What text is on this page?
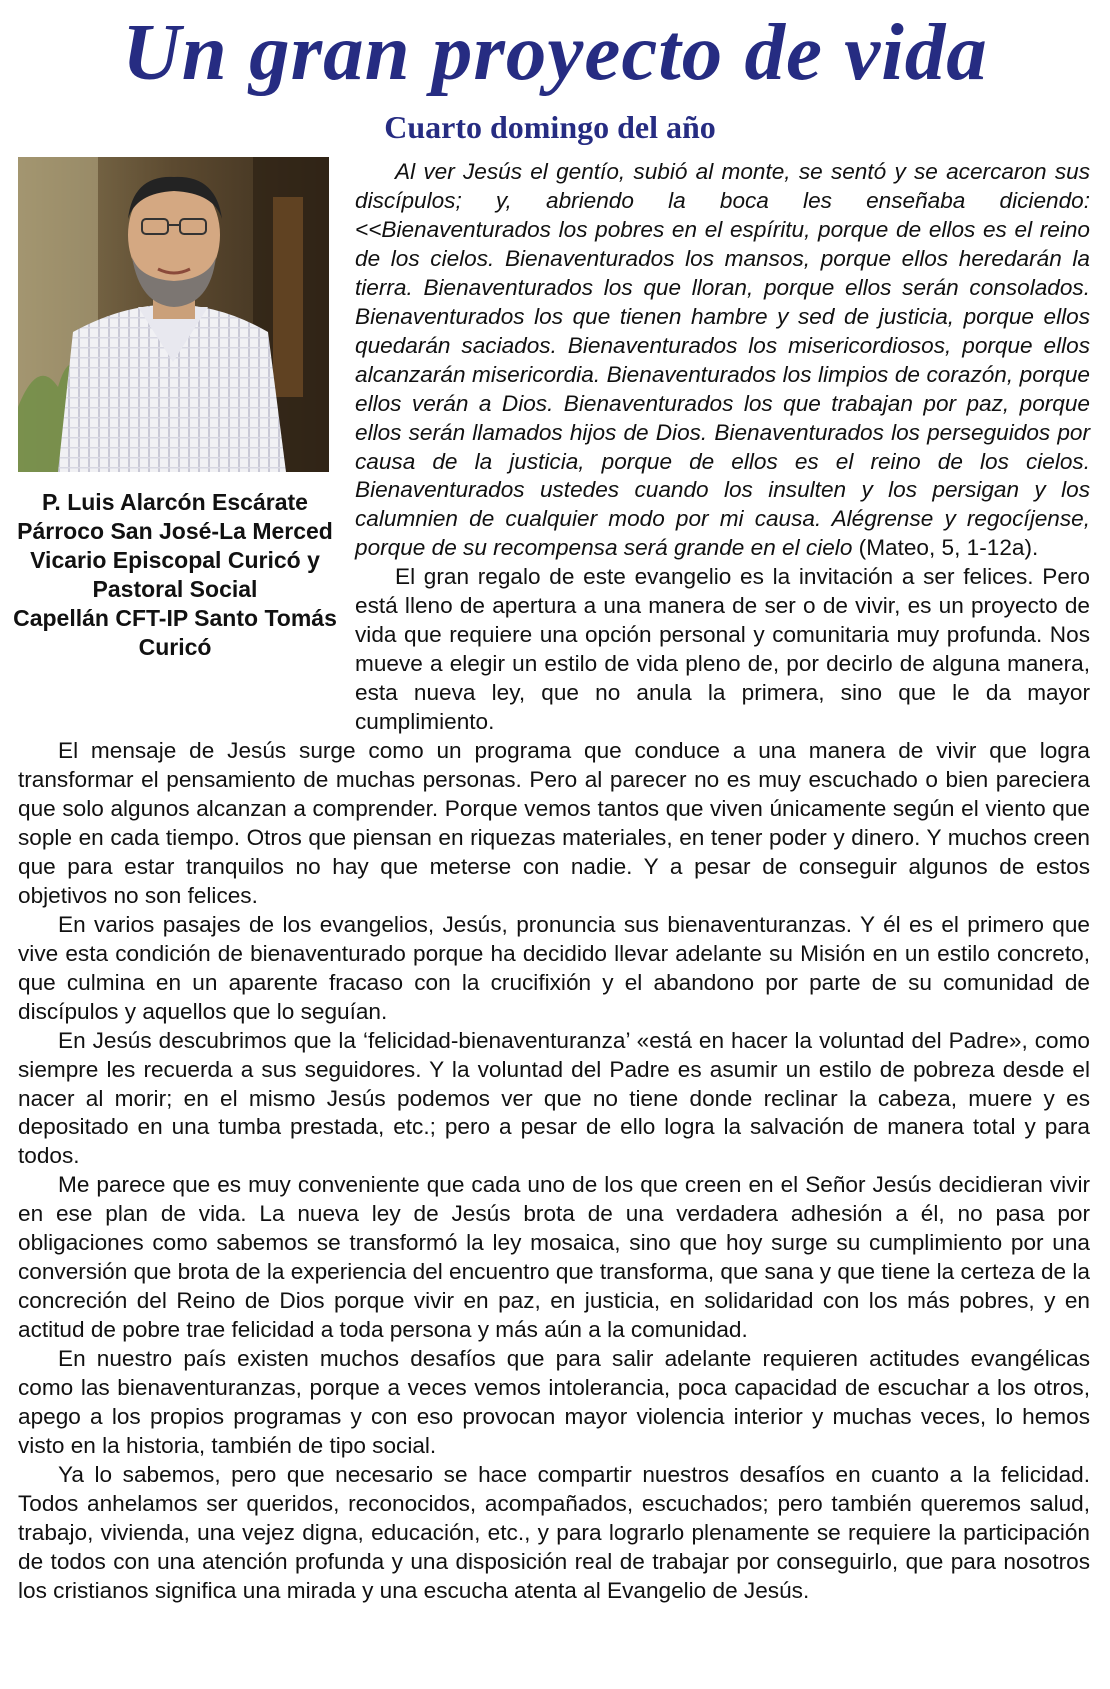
Un gran proyecto de vida
Cuarto domingo del año
P. Luis Alarcón Escárate
Párroco San José-La Merced
Vicario Episcopal Curicó y Pastoral Social
Capellán CFT-IP Santo Tomás Curicó

Al ver Jesús el gentío, subió al monte, se sentó y se acercaron sus discípulos; y, abriendo la boca les enseñaba diciendo: <<Bienaventurados los pobres en el espíritu, porque de ellos es el reino de los cielos. Bienaventurados los mansos, porque ellos heredarán la tierra. Bienaventurados los que lloran, porque ellos serán consolados. Bienaventurados los que tienen hambre y sed de justicia, porque ellos quedarán saciados. Bienaventurados los misericordiosos, porque ellos alcanzarán misericordia. Bienaventurados los limpios de corazón, porque ellos verán a Dios. Bienaventurados los que trabajan por paz, porque ellos serán llamados hijos de Dios. Bienaventurados los perseguidos por causa de la justicia, porque de ellos es el reino de los cielos. Bienaventurados ustedes cuando los insulten y los persigan y los calumnien de cualquier modo por mi causa. Alégrense y regocíjense, porque de su recompensa será grande en el cielo (Mateo, 5, 1-12a).

El gran regalo de este evangelio es la invitación a ser felices. Pero está lleno de apertura a una manera de ser o de vivir, es un proyecto de vida que requiere una opción personal y comunitaria muy profunda. Nos mueve a elegir un estilo de vida pleno de, por decirlo de alguna manera, esta nueva ley, que no anula la primera, sino que le da mayor cumplimiento.

El mensaje de Jesús surge como un programa que conduce a una manera de vivir que logra transformar el pensamiento de muchas personas. Pero al parecer no es muy escuchado o bien pareciera que solo algunos alcanzan a comprender. Porque vemos tantos que viven únicamente según el viento que sople en cada tiempo. Otros que piensan en riquezas materiales, en tener poder y dinero. Y muchos creen que para estar tranquilos no hay que meterse con nadie. Y a pesar de conseguir algunos de estos objetivos no son felices.

En varios pasajes de los evangelios, Jesús, pronuncia sus bienaventuranzas. Y él es el primero que vive esta condición de bienaventurado porque ha decidido llevar adelante su Misión en un estilo concreto, que culmina en un aparente fracaso con la crucifixión y el abandono por parte de su comunidad de discípulos y aquellos que lo seguían.

En Jesús descubrimos que la ‘felicidad-bienaventuranza’ «está en hacer la voluntad del Padre», como siempre les recuerda a sus seguidores. Y la voluntad del Padre es asumir un estilo de pobreza desde el nacer al morir; en el mismo Jesús podemos ver que no tiene donde reclinar la cabeza, muere y es depositado en una tumba prestada, etc.; pero a pesar de ello logra la salvación de manera total y para todos.

Me parece que es muy conveniente que cada uno de los que creen en el Señor Jesús decidieran vivir en ese plan de vida. La nueva ley de Jesús brota de una verdadera adhesión a él, no pasa por obligaciones como sabemos se transformó la ley mosaica, sino que hoy surge su cumplimiento por una conversión que brota de la experiencia del encuentro que transforma, que sana y que tiene la certeza de la concreción del Reino de Dios porque vivir en paz, en justicia, en solidaridad con los más pobres, y en actitud de pobre trae felicidad a toda persona y más aún a la comunidad.

En nuestro país existen muchos desafíos que para salir adelante requieren actitudes evangélicas como las bienaventuranzas, porque a veces vemos intolerancia, poca capacidad de escuchar a los otros, apego a los propios programas y con eso provocan mayor violencia interior y muchas veces, lo hemos visto en la historia, también de tipo social.

Ya lo sabemos, pero que necesario se hace compartir nuestros desafíos en cuanto a la felicidad. Todos anhelamos ser queridos, reconocidos, acompañados, escuchados; pero también queremos salud, trabajo, vivienda, una vejez digna, educación, etc., y para lograrlo plenamente se requiere la participación de todos con una atención profunda y una disposición real de trabajar por conseguirlo, que para nosotros los cristianos significa una mirada y una escucha atenta al Evangelio de Jesús.
